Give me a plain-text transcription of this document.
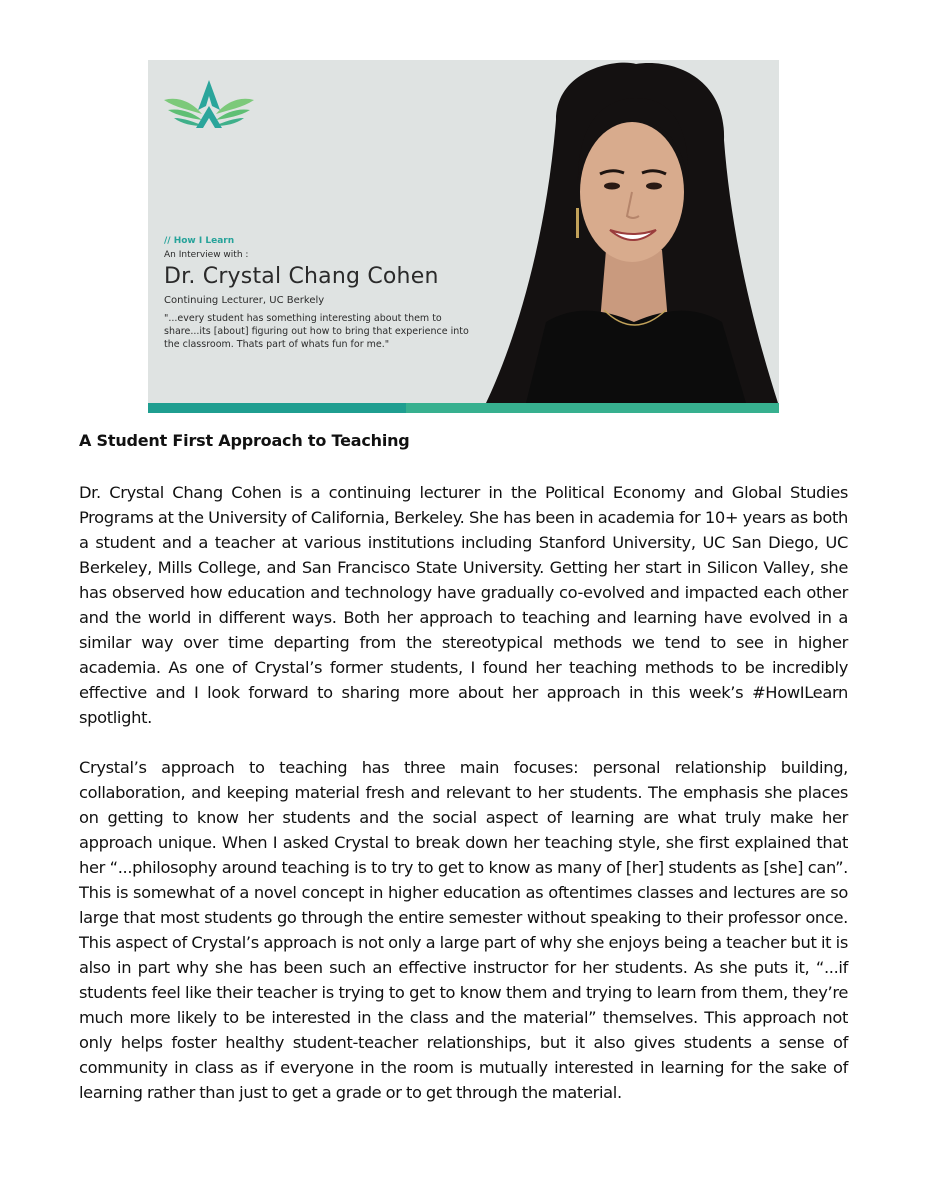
// How I Learn
An Interview with :
Dr. Crystal Chang Cohen
Continuing Lecturer, UC Berkely

"...every student has something interesting about them to share...its [about] figuring out how to bring that experience into the classroom. Thats part of whats fun for me."

A Student First Approach to Teaching

Dr. Crystal Chang Cohen is a continuing lecturer in the Political Economy and Global Studies Programs at the University of California, Berkeley. She has been in academia for 10+ years as both a student and a teacher at various institutions including Stanford University, UC San Diego, UC Berkeley, Mills College, and San Francisco State University. Getting her start in Silicon Valley, she has observed how education and technology have gradually co-evolved and impacted each other and the world in different ways. Both her approach to teaching and learning have evolved in a similar way over time departing from the stereotypical methods we tend to see in higher academia. As one of Crystal’s former students, I found her teaching methods to be incredibly effective and I look forward to sharing more about her approach in this week’s #HowILearn spotlight.

Crystal’s approach to teaching has three main focuses: personal relationship building, collaboration, and keeping material fresh and relevant to her students. The emphasis she places on getting to know her students and the social aspect of learning are what truly make her approach unique. When I asked Crystal to break down her teaching style, she first explained that her “...philosophy around teaching is to try to get to know as many of [her] students as [she] can”. This is somewhat of a novel concept in higher education as oftentimes classes and lectures are so large that most students go through the entire semester without speaking to their professor once. This aspect of Crystal’s approach is not only a large part of why she enjoys being a teacher but it is also in part why she has been such an effective instructor for her students. As she puts it, “...if students feel like their teacher is trying to get to know them and trying to learn from them, they’re much more likely to be interested in the class and the material” themselves. This approach not only helps foster healthy student-teacher relationships, but it also gives students a sense of community in class as if everyone in the room is mutually interested in learning for the sake of learning rather than just to get a grade or to get through the material.
